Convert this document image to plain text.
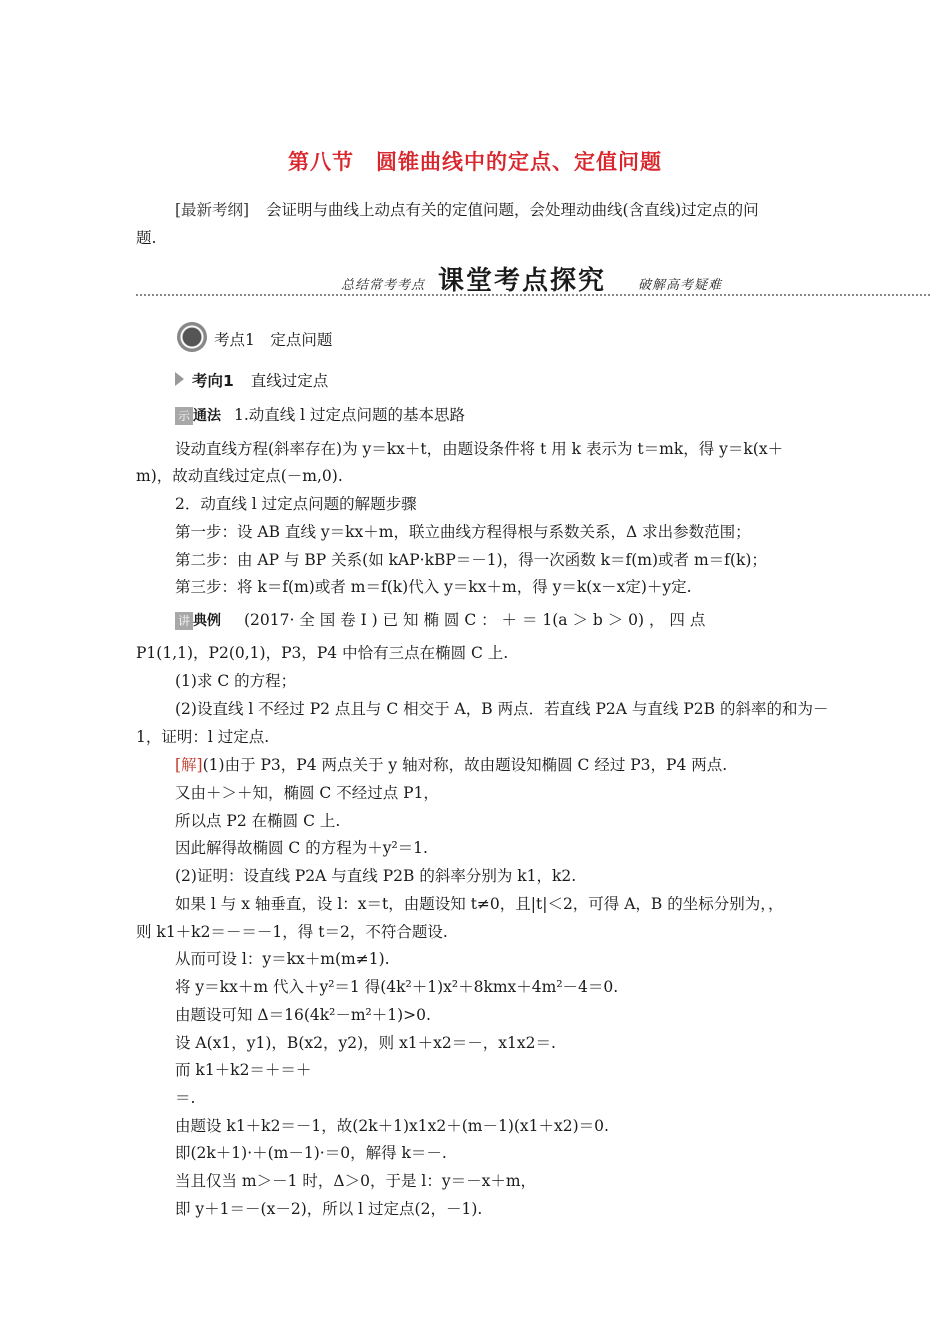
第八节　圆锥曲线中的定点、定值问题
[最新考纲] 会证明与曲线上动点有关的定值问题，会处理动曲线(含直线)过定点的问
题.
总结常考考点 课堂考点探究 破解高考疑难
考点1　定点问题
考向1 直线过定点
示 通法 1.动直线 l 过定点问题的基本思路
设动直线方程(斜率存在)为 y＝kx＋t，由题设条件将 t 用 k 表示为 t＝mk，得 y＝k(x＋
m)，故动直线过定点(－m,0).
2．动直线 l 过定点问题的解题步骤
第一步：设 AB 直线 y＝kx＋m，联立曲线方程得根与系数关系，Δ 求出参数范围；
第二步：由 AP 与 BP 关系(如 kAP·kBP＝－1)，得一次函数 k＝f(m)或者 m＝f(k)；
第三步：将 k＝f(m)或者 m＝f(k)代入 y＝kx＋m，得 y＝k(x－x定)＋y定.
讲 典例 (2017· 全 国 卷 Ⅰ ) 已 知 椭 圆 C ： ＋ ＝ 1(a ＞ b ＞ 0) ， 四 点
P1(1,1)，P2(0,1)，P3，P4 中恰有三点在椭圆 C 上.
(1)求 C 的方程；
(2)设直线 l 不经过 P2 点且与 C 相交于 A，B 两点．若直线 P2A 与直线 P2B 的斜率的和为－
1，证明：l 过定点.
[解](1)由于 P3，P4 两点关于 y 轴对称，故由题设知椭圆 C 经过 P3，P4 两点.
又由＋＞＋知，椭圆 C 不经过点 P1，
所以点 P2 在椭圆 C 上.
因此解得故椭圆 C 的方程为＋y²＝1.
(2)证明：设直线 P2A 与直线 P2B 的斜率分别为 k1，k2.
如果 l 与 x 轴垂直，设 l：x＝t，由题设知 t≠0，且|t|＜2，可得 A，B 的坐标分别为，，
则 k1＋k2＝－＝－1，得 t＝2，不符合题设.
从而可设 l：y＝kx＋m(m≠1).
将 y＝kx＋m 代入＋y²＝1 得(4k²＋1)x²＋8kmx＋4m²－4＝0.
由题设可知 Δ＝16(4k²－m²＋1)>0.
设 A(x1，y1)，B(x2，y2)，则 x1＋x2＝－，x1x2＝.
而 k1＋k2＝＋＝＋
＝.
由题设 k1＋k2＝－1，故(2k＋1)x1x2＋(m－1)(x1＋x2)＝0.
即(2k＋1)·＋(m－1)·＝0，解得 k＝－.
当且仅当 m＞－1 时，Δ＞0，于是 l：y＝－x＋m，
即 y＋1＝－(x－2)，所以 l 过定点(2，－1).
